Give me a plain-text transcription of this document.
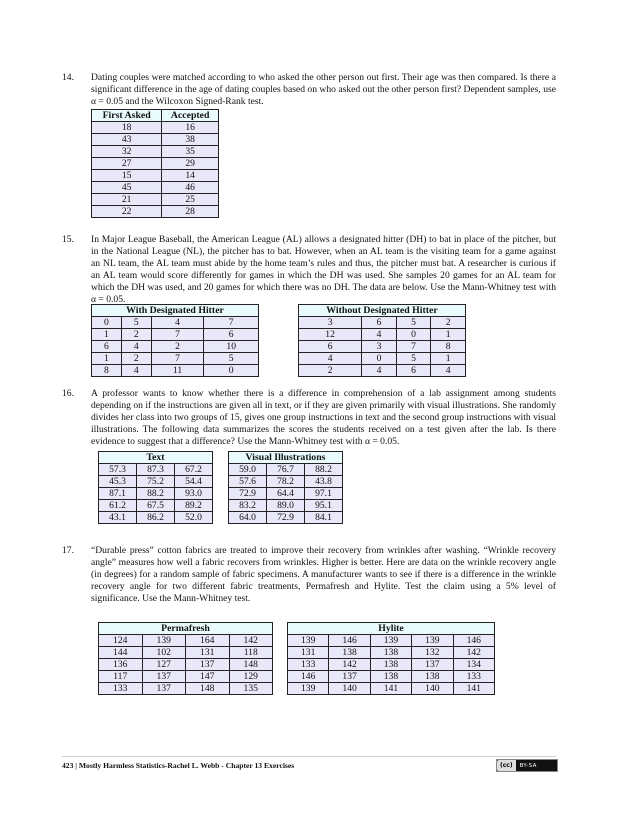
14. Dating couples were matched according to who asked the other person out first. Their age was then compared. Is there a significant difference in the age of dating couples based on who asked out the other person first? Dependent samples, use α = 0.05 and the Wilcoxon Signed-Rank test.
First Asked	Accepted
18	16
43	38
32	35
27	29
15	14
45	46
21	25
22	28
15. In Major League Baseball, the American League (AL) allows a designated hitter (DH) to bat in place of the pitcher, but in the National League (NL), the pitcher has to bat. However, when an AL team is the visiting team for a game against an NL team, the AL team must abide by the home team’s rules and thus, the pitcher must bat. A researcher is curious if an AL team would score differently for games in which the DH was used. She samples 20 games for an AL team for which the DH was used, and 20 games for which there was no DH. The data are below. Use the Mann-Whitney test with α = 0.05.
With Designated Hitter			
0	5	4	7
1	2	7	6
6	4	2	10
1	2	7	5
8	4	11	0
Without Designated Hitter			
3	6	5	2
12	4	0	1
6	3	7	8
4	0	5	1
2	4	6	4
16. A professor wants to know whether there is a difference in comprehension of a lab assignment among students depending on if the instructions are given all in text, or if they are given primarily with visual illustrations. She randomly divides her class into two groups of 15, gives one group instructions in text and the second group instructions with visual illustrations. The following data summarizes the scores the students received on a test given after the lab. Is there evidence to suggest that a difference? Use the Mann-Whitney test with α = 0.05.
Text		
57.3	87.3	67.2
45.3	75.2	54.4
87.1	88.2	93.0
61.2	67.5	89.2
43.1	86.2	52.0
Visual Illustrations		
59.0	76.7	88.2
57.6	78.2	43.8
72.9	64.4	97.1
83.2	89.0	95.1
64.0	72.9	84.1
17. “Durable press” cotton fabrics are treated to improve their recovery from wrinkles after washing. “Wrinkle recovery angle” measures how well a fabric recovers from wrinkles. Higher is better. Here are data on the wrinkle recovery angle (in degrees) for a random sample of fabric specimens. A manufacturer wants to see if there is a difference in the wrinkle recovery angle for two different fabric treatments, Permafresh and Hylite. Test the claim using a 5% level of significance. Use the Mann-Whitney test.
Permafresh			
124	139	164	142
144	102	131	118
136	127	137	148
117	137	147	129
133	137	148	135
Hylite				
139	146	139	139	146
131	138	138	132	142
133	142	138	137	134
146	137	138	138	133
139	140	141	140	141
423 | Mostly Harmless Statistics-Rachel L. Webb - Chapter 13 Exercises	(cc)	BY-SA
